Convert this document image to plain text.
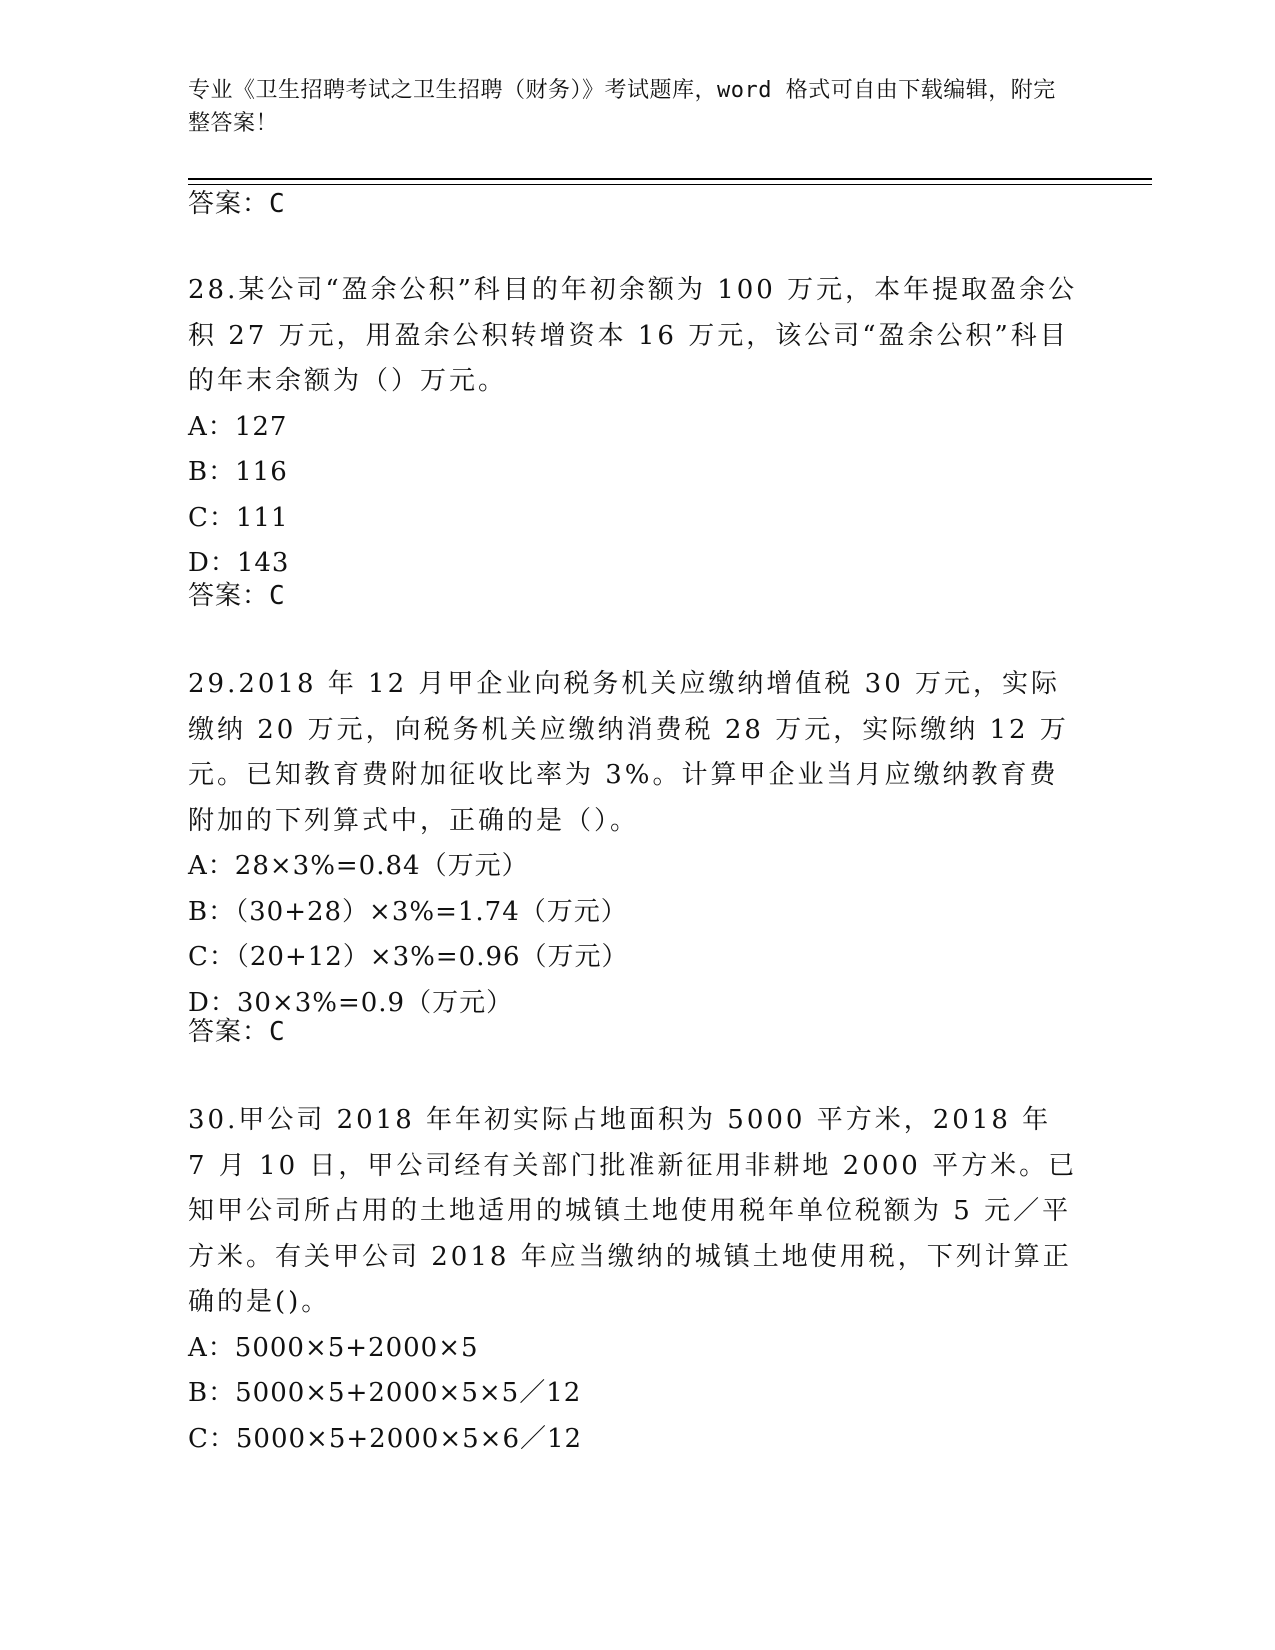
专业《卫生招聘考试之卫生招聘（财务）》考试题库，word 格式可自由下载编辑，附完整答案！
答案：C

28.某公司“盈余公积”科目的年初余额为 100 万元，本年提取盈余公积 27 万元，用盈余公积转增资本 16 万元，该公司“盈余公积”科目的年末余额为（）万元。

A：127
B：116
C：111
D：143
答案：C

29.2018 年 12 月甲企业向税务机关应缴纳增值税 30 万元，实际缴纳 20 万元，向税务机关应缴纳消费税 28 万元，实际缴纳 12 万元。已知教育费附加征收比率为 3%。计算甲企业当月应缴纳教育费附加的下列算式中，正确的是（）。

A：28×3%=0.84（万元）
B：（30+28）×3%=1.74（万元）
C：（20+12）×3%=0.96（万元）
D：30×3%=0.9（万元）
答案：C

30.甲公司 2018 年年初实际占地面积为 5000 平方米，2018 年 7 月 10 日，甲公司经有关部门批准新征用非耕地 2000 平方米。已知甲公司所占用的土地适用的城镇土地使用税年单位税额为 5 元／平方米。有关甲公司 2018 年应当缴纳的城镇土地使用税，下列计算正确的是()。

A：5000×5+2000×5
B：5000×5+2000×5×5／12
C：5000×5+2000×5×6／12
